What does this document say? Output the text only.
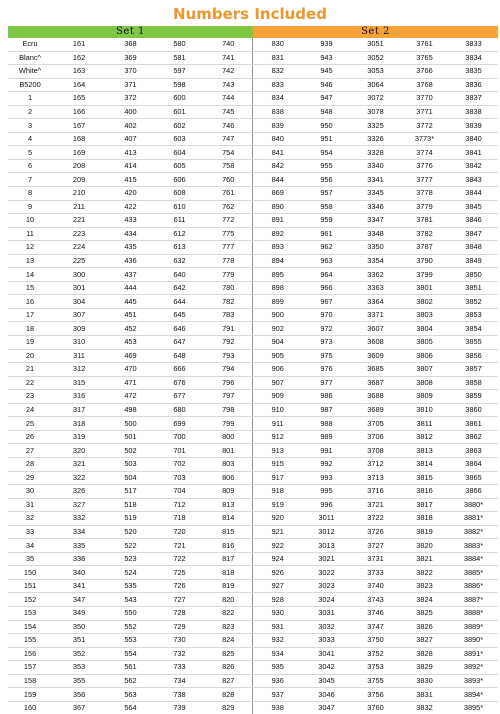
Numbers Included
Set 1					Set 2				
Ecru	161	368	580	740	830	939	3051	3761	3833
Blanc^	162	369	581	741	831	943	3052	3765	3834
White^	163	370	597	742	832	945	3053	3766	3835
B5200	164	371	598	743	833	946	3064	3768	3836
1	165	372	600	744	834	947	3072	3770	3837
2	166	400	601	745	838	948	3078	3771	3838
3	167	402	602	746	839	950	3325	3772	3839
4	168	407	603	747	840	951	3326	3773*	3840
5	169	413	604	754	841	954	3328	3774	3841
6	208	414	605	758	842	955	3340	3776	3842
7	209	415	606	760	844	956	3341	3777	3843
8	210	420	608	761	869	957	3345	3778	3844
9	211	422	610	762	890	958	3346	3779	3845
10	221	433	611	772	891	959	3347	3781	3846
11	223	434	612	775	892	961	3348	3782	3847
12	224	435	613	777	893	962	3350	3787	3848
13	225	436	632	778	894	963	3354	3790	3849
14	300	437	640	779	895	964	3362	3799	3850
15	301	444	642	780	898	966	3363	3801	3851
16	304	445	644	782	899	967	3364	3802	3852
17	307	451	645	783	900	970	3371	3803	3853
18	309	452	646	791	902	972	3607	3804	3854
19	310	453	647	792	904	973	3608	3805	3855
20	311	469	648	793	905	975	3609	3806	3856
21	312	470	666	794	906	976	3685	3807	3857
22	315	471	676	796	907	977	3687	3808	3858
23	316	472	677	797	909	986	3688	3809	3859
24	317	498	680	798	910	987	3689	3810	3860
25	318	500	699	799	911	988	3705	3811	3861
26	319	501	700	800	912	989	3706	3812	3862
27	320	502	701	801	913	991	3708	3813	3863
28	321	503	702	803	915	992	3712	3814	3864
29	322	504	703	806	917	993	3713	3815	3865
30	326	517	704	809	918	995	3716	3816	3866
31	327	518	712	813	919	996	3721	3817	3880*
32	332	519	718	814	920	3011	3722	3818	3881*
33	334	520	720	815	921	3012	3726	3819	3882*
34	335	522	721	816	922	3013	3727	3820	3883*
35	336	523	722	817	924	3021	3731	3821	3884*
150	340	524	725	818	926	3022	3733	3822	3885*
151	341	535	726	819	927	3023	3740	3823	3886*
152	347	543	727	820	928	3024	3743	3824	3887*
153	349	550	728	822	930	3031	3746	3825	3888*
154	350	552	729	823	931	3032	3747	3826	3889*
155	351	553	730	824	932	3033	3750	3827	3890*
156	352	554	732	825	934	3041	3752	3828	3891*
157	353	561	733	826	935	3042	3753	3829	3892*
158	355	562	734	827	936	3045	3755	3830	3893*
159	356	563	738	828	937	3046	3756	3831	3894*
160	367	564	739	829	938	3047	3760	3832	3895*
